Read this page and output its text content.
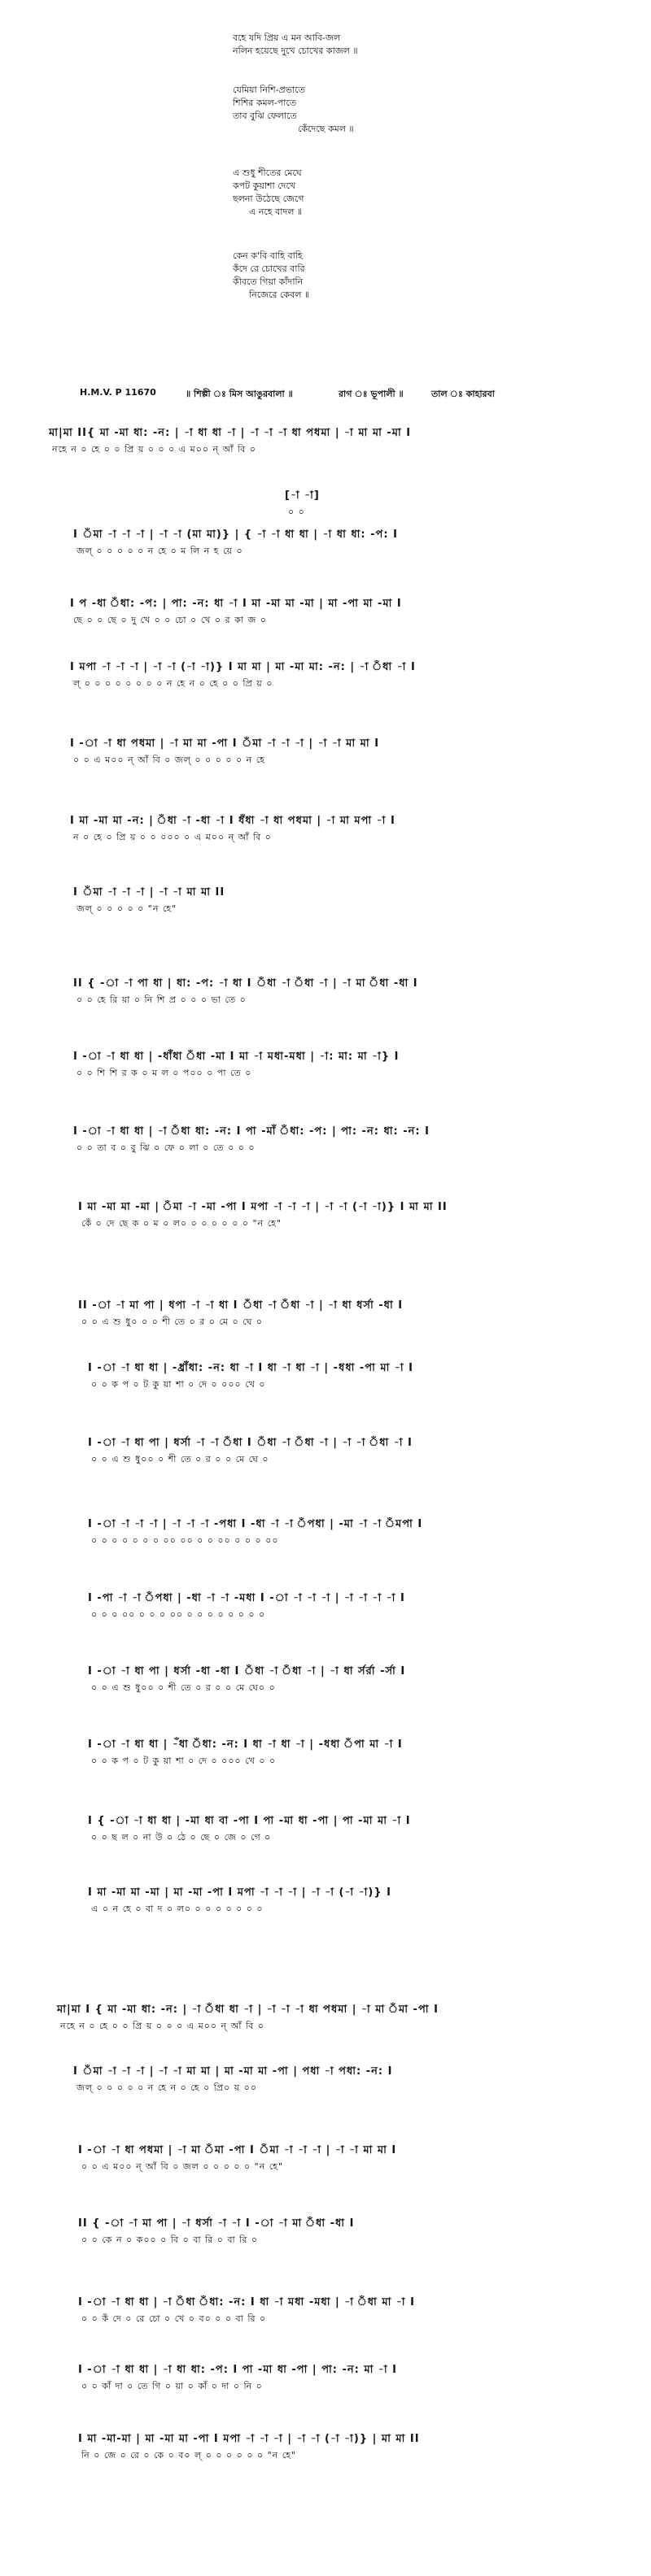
বহে যদি প্রিয় এ মন আবি-জল
নলিন হয়েছে দুখে চোখের কাজল ॥
যেমিয়া নিশি-প্রভাতে
শিশির কমল-পাতে
তাব বুঝি ফেলাতে
কেঁদেছে কমল ॥
এ শুধু শীতের মেঘে
কপট কুয়াশা দেখে
ছলনা উঠেছে জেগে
এ নহে বাদল ॥
কেন ক'বি বাহি বাহি
কঁদে রে চোখের বারি
কীবতে গিয়া কাঁদানি
নিজেরে কেবল ॥
H.M.V. P 11670	॥ শিল্পী ঃ মিস আঙুরবালা ॥	রাগ ঃ ভূপালী ॥	তাল ঃ কাহারবা
মা|মা II{ মা -মা ধা: -ন: | -া ধা ধা -া | -া -া -া ধা পধমা | -া মা মা -মা I
নহে ন ০ হে ০ ০ প্রি য় ০ ০ ০ এ ম০০ ন্ আঁ বি ০
[-া -া]
০ ০
I ঁমা -া -া -া | -া -া (মা মা)} | { -া -া ধা ধা | -া ধা ধা: -প: I
জল্ ০ ০ ০ ০ ০ ন হে ০ ম লি ন হ য়ে ০
I প -ধা ঁধা: -প: | পা: -ন: ধা -া I মা -মা মা -মা | মা -পা মা -মা I
ছে ০ ০ ছে ০ দু খে ০ ০ চো ০ খে ০ র কা জ ০
I মপা -া -া -া | -া -া (-া -া)} I মা মা | মা -মা মা: -ন: | -া ঁধা -া I
ল্ ০ ০ ০ ০ ০ ০ ০ ০ ন হে ন ০ হে ০ ০ প্রি য় ০
I -া -া ধা পধমা | -া মা মা -পা I ঁমা -া -া -া | -া -া মা মা I
০ ০ এ ম০০ ন্ আঁ বি ০ জল্ ০ ০ ০ ০ ০ ন হে
I মা -মা মা -ন: | ঁধা -া -ধা -া I ধঁধা -া ধা পধমা | -া মা মপা -া I
ন ০ হে ০ প্রি য় ০ ০ ০০০ ০ এ ম০০ ন্ আঁ বি ০
I ঁমা -া -া -া | -া -া মা মা II
জল্ ০ ০ ০ ০ ০ "ন হে"
II { -া -া পা ধা | ধা: -প: -া ধা I ঁধা -া ঁধা -া | -া মা ঁধা -ধা I
০ ০ হে রি য়া ০ নি শি প্র ০ ০ ০ ভা তে ০
I -া -া ধা ধা | -ধাঁঁধা ঁধা -মা I মা -া মধা-মধা | -া: মা: মা -া} I
০ ০ শি শি র ক ০ ম ল ০ প০০ ০ পা তে ০
I -া -া ধা ধা | -া ঁধা ধা: -ন: I পা -মাঁ ঁধা: -প: | পা: -ন: ধা: -ন: I
০ ০ তা ব ০ বু ঝি ০ ফে ০ লা ০ তে ০ ০ ০
I মা -মা মা -মা | ঁমা -া -মা -পা I মপা -া -া -া | -া -া (-া -া)} I মা মা II
কেঁ ০ দে ছে ক ০ ম ০ ল০ ০ ০ ০ ০ ০ ০ "ন হে"
II -া -া মা পা | ধপা -া -া ধা I ঁধা -া ঁধা -া | -া ধা ধর্সা -ধা I
০ ০ এ শু ধু০ ০ ০ শী তে ০ র ০ মে ০ ঘে ০
I -া -া ধা ধা | -ধ্রাঁঁধা: -ন: ধা -া I ধা -া ধা -া | -ধধা -পা মা -া I
০ ০ ক প ০ ট কু য়া শা ০ দে ০ ০০০ খে ০
I -া -া ধা পা | ধর্সা -া -া ঁধা I ঁধা -া ঁধা -া | -া -া ঁধা -া I
০ ০ এ শু ধু০০ ০ শী তে ০ র ০ ০ মে ঘে ০
I -া -া -া -া | -া -া -া -পধা I -ধা -া -া ঁপধা | -মা -া -া ঁমপা I
০ ০ ০ ০ ০ ০ ০ ০০ ০০ ০ ০ ০০ ০ ০ ০ ০০
I -পা -া -া ঁপধা | -ধা -া -া -মধা I -া -া -া -া | -া -া -া -া I
০ ০ ০ ০০ ০ ০ ০ ০০ ০ ০ ০ ০ ০ ০ ০ ০
I -া -া ধা পা | ধর্সা -ধা -ধা I ঁধা -া ঁধা -া | -া ধা র্সর্রা -র্সা I
০ ০ এ শু ধু০০ ০ শী তে ০ র ০ ০ মে ঘে০ ০
I -া -া ধা ধা | -ঁধা ঁধা: -ন: I ধা -া ধা -া | -ধধা ঁপা মা -া I
০ ০ ক প ০ ট কু য়া শা ০ দে ০ ০০০ খে ০ ০
I { -া -া ধা ধা | -মা ধা বা -পা I পা -মা ধা -পা | পা -মা মা -া I
০ ০ ছ ল ০ না উ ০ ঠে ০ ছে ০ জে ০ গে ০
I মা -মা মা -মা | মা -মা -পা I মপা -া -া -া | -া -া (-া -া)} I
এ ০ ন হে ০ বা দ ০ ল০ ০ ০ ০ ০ ০ ০ ০
মা|মা I { মা -মা ধা: -ন: | -া ঁধা ধা -া | -া -া -া ধা পধমা | -া মা ঁমা -পা I
নহে ন ০ হে ০ ০ প্রি য় ০ ০ ০ এ ম০০ ন্ আঁ বি ০
I ঁমা -া -া -া | -া -া মা মা | মা -মা মা -পা | পধা -া পধা: -ন: I
জল্ ০ ০ ০ ০ ০ ন হে ন ০ হে ০ প্রি০ য় ০০
I -া -া ধা পধমা | -া মা ঁমা -পা I ঁমা -া -া -া | -া -া মা মা I
০ ০ এ ম০০ ন্ আঁ বি ০ জল ০ ০ ০ ০ ০ "ন হে"
II { -া -া মা পা | -া ধর্সা -া -া I -া -া মা ঁধা -ধা I
০ ০ কে ন ০ ক০০ ০ বি ০ বা রি ০ বা রি ০
I -া -া ধা ধা | -া ঁধা ঁধা: -ন: I ধা -া মধা -মধা | -া ঁধা মা -া I
০ ০ কঁ দে ০ রে চো ০ খে ০ ব০ ০ ০ বা রি ০
I -া -া ধা ধা | -া ধা ধা: -প: I পা -মা ধা -পা | পা: -ন: মা -া I
০ ০ কাঁ দা ০ তে গি ০ য়া ০ কাঁ ০ দা ০ নি ০
I মা -মা-মা | মা -মা মা -পা I মপা -া -া -া | -া -া (-া -া)} | মা মা II
নি ০ জে ০ রে ০ কে ০ ব০ ল্ ০ ০ ০ ০ ০ ০ "ন হে"
